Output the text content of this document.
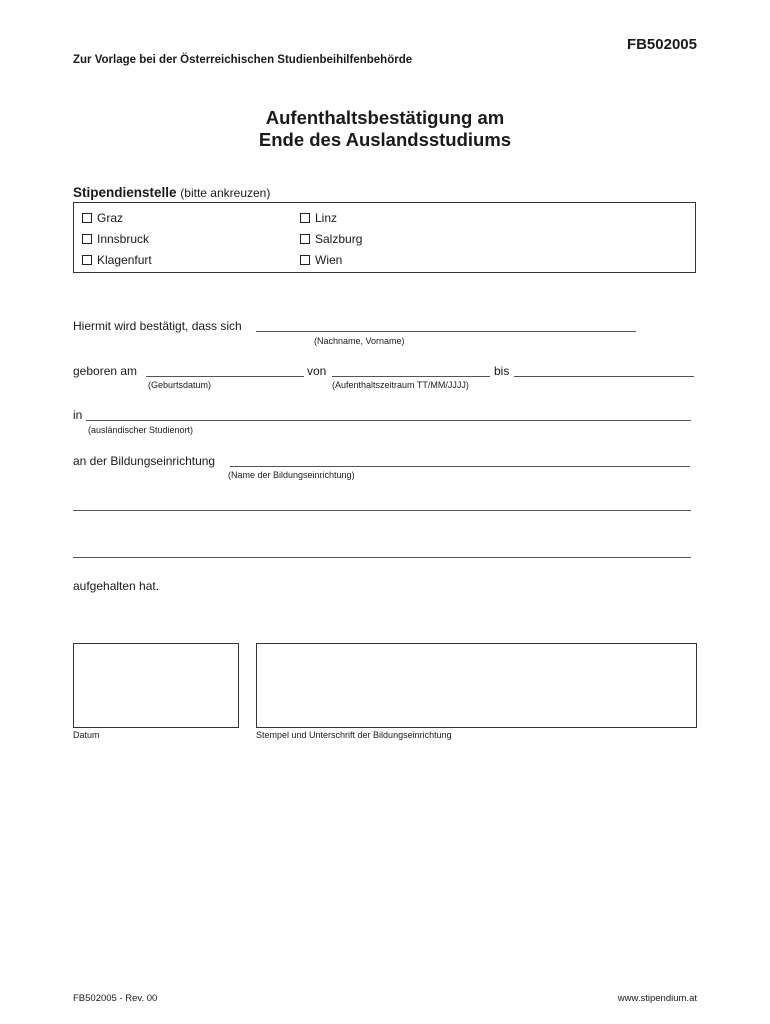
FB502005
Zur Vorlage bei der Österreichischen Studienbeihilfenbehörde
Aufenthaltsbestätigung am
Ende des Auslandsstudiums
Stipendienstelle (bitte ankreuzen)
Graz	Linz
Innsbruck	Salzburg
Klagenfurt	Wien
Hiermit wird bestätigt, dass sich
(Nachname, Vorname)
geboren am	von	bis
(Geburtsdatum)	(Aufenthaltszeitraum TT/MM/JJJJ)
in
(ausländischer Studienort)
an der Bildungseinrichtung
(Name der Bildungseinrichtung)
aufgehalten hat.
Datum	Stempel und Unterschrift der Bildungseinrichtung
FB502005 - Rev. 00	www.stipendium.at
